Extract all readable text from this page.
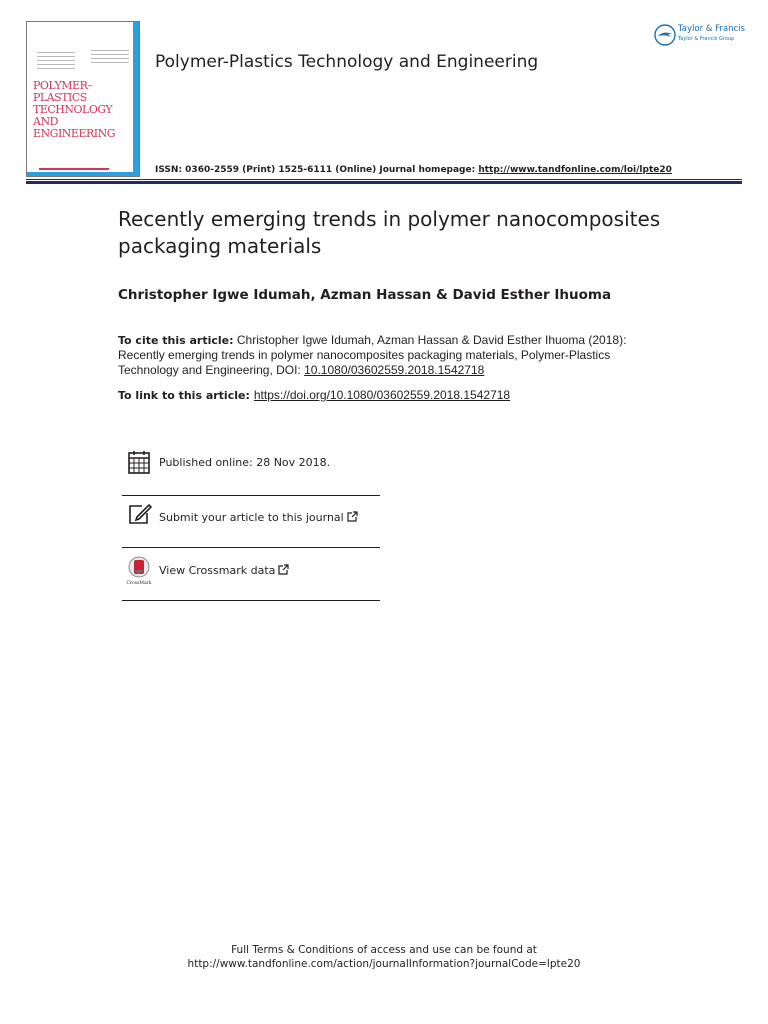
POLYMER–PLASTICS
TECHNOLOGY
AND
ENGINEERING
Polymer-Plastics Technology and Engineering
Taylor & Francis
Taylor & Francis Group
ISSN: 0360-2559 (Print) 1525-6111 (Online) Journal homepage: http://www.tandfonline.com/loi/lpte20
Recently emerging trends in polymer nanocomposites packaging materials
Christopher Igwe Idumah, Azman Hassan & David Esther Ihuoma
To cite this article: Christopher Igwe Idumah, Azman Hassan & David Esther Ihuoma (2018): Recently emerging trends in polymer nanocomposites packaging materials, Polymer-Plastics Technology and Engineering, DOI: 10.1080/03602559.2018.1542718
To link to this article: https://doi.org/10.1080/03602559.2018.1542718
Published online: 28 Nov 2018.
Submit your article to this journal
CrossMark
View Crossmark data
Full Terms & Conditions of access and use can be found at
http://www.tandfonline.com/action/journalInformation?journalCode=lpte20
